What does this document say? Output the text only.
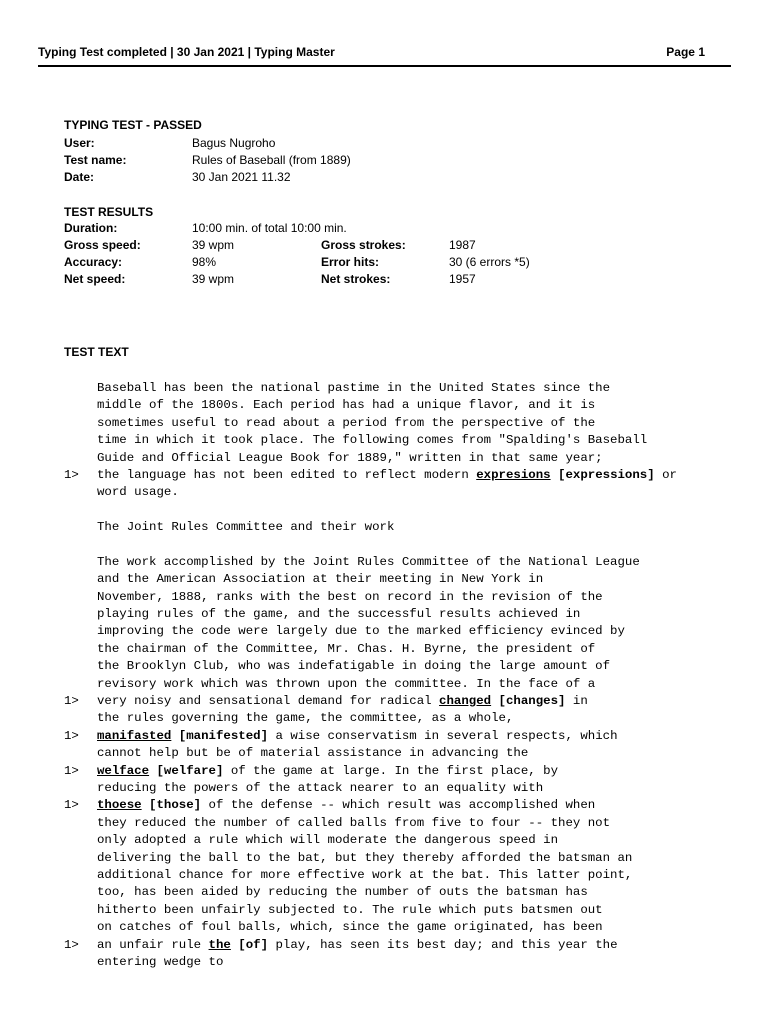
Typing Test completed | 30 Jan 2021 | Typing Master	Page 1
TYPING TEST - PASSED
User:	Bagus Nugroho
Test name:	Rules of Baseball (from 1889)
Date:	30 Jan 2021 11.32
TEST RESULTS
Duration:	10:00 min. of total 10:00 min.
Gross speed:	39 wpm	Gross strokes:	1987
Accuracy:	98%	Error hits:	30 (6 errors *5)
Net speed:	39 wpm	Net strokes:	1957
TEST TEXT
Baseball has been the national pastime in the United States since the
middle of the 1800s. Each period has had a unique flavor, and it is
sometimes useful to read about a period from the perspective of the
time in which it took place. The following comes from "Spalding's Baseball
Guide and Official League Book for 1889," written in that same year;
1> the language has not been edited to reflect modern expresions [expressions] or
word usage.
The Joint Rules Committee and their work
The work accomplished by the Joint Rules Committee of the National League
and the American Association at their meeting in New York in
November, 1888, ranks with the best on record in the revision of the
playing rules of the game, and the successful results achieved in
improving the code were largely due to the marked efficiency evinced by
the chairman of the Committee, Mr. Chas. H. Byrne, the president of
the Brooklyn Club, who was indefatigable in doing the large amount of
revisory work which was thrown upon the committee. In the face of a
1> very noisy and sensational demand for radical changed [changes] in
the rules governing the game, the committee, as a whole,
1> manifasted [manifested] a wise conservatism in several respects, which
cannot help but be of material assistance in advancing the
1> welface [welfare] of the game at large. In the first place, by
reducing the powers of the attack nearer to an equality with
1> thoese [those] of the defense -- which result was accomplished when
they reduced the number of called balls from five to four -- they not
only adopted a rule which will moderate the dangerous speed in
delivering the ball to the bat, but they thereby afforded the batsman an
additional chance for more effective work at the bat. This latter point,
too, has been aided by reducing the number of outs the batsman has
hitherto been unfairly subjected to. The rule which puts batsmen out
on catches of foul balls, which, since the game originated, has been
1> an unfair rule the [of] play, has seen its best day; and this year the
entering wedge to
